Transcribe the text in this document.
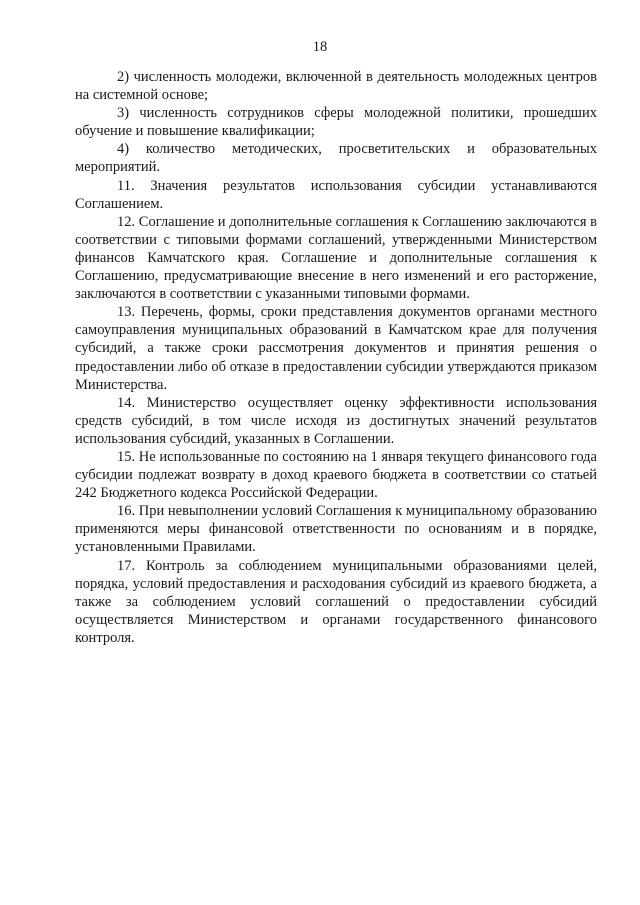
18

2) численность молодежи, включенной в деятельность молодежных центров на системной основе;

3) численность сотрудников сферы молодежной политики, прошедших обучение и повышение квалификации;

4) количество методических, просветительских и образовательных мероприятий.

11. Значения результатов использования субсидии устанавливаются Соглашением.

12. Соглашение и дополнительные соглашения к Соглашению заключаются в соответствии с типовыми формами соглашений, утвержденными Министерством финансов Камчатского края. Соглашение и дополнительные соглашения к Соглашению, предусматривающие внесение в него изменений и его расторжение, заключаются в соответствии с указанными типовыми формами.

13. Перечень, формы, сроки представления документов органами местного самоуправления муниципальных образований в Камчатском крае для получения субсидий, а также сроки рассмотрения документов и принятия решения о предоставлении либо об отказе в предоставлении субсидии утверждаются приказом Министерства.

14. Министерство осуществляет оценку эффективности использования средств субсидий, в том числе исходя из достигнутых значений результатов использования субсидий, указанных в Соглашении.

15. Не использованные по состоянию на 1 января текущего финансового года субсидии подлежат возврату в доход краевого бюджета в соответствии со статьей 242 Бюджетного кодекса Российской Федерации.

16. При невыполнении условий Соглашения к муниципальному образованию применяются меры финансовой ответственности по основаниям и в порядке, установленными Правилами.

17. Контроль за соблюдением муниципальными образованиями целей, порядка, условий предоставления и расходования субсидий из краевого бюджета, а также за соблюдением условий соглашений о предоставлении субсидий осуществляется Министерством и органами государственного финансового контроля.
